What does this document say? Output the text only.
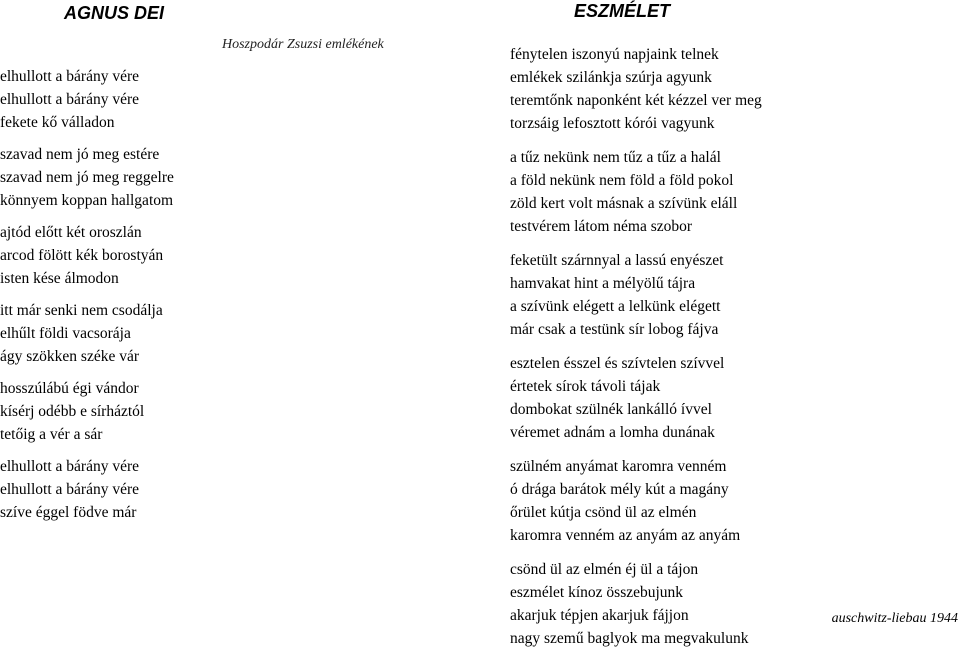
AGNUS DEI
Hoszpodár Zsuzsi emlékének

elhullott a bárány vére
elhullott a bárány vére
fekete kő válladon

szavad nem jó meg estére
szavad nem jó meg reggelre
könnyem koppan hallgatom

ajtód előtt két oroszlán
arcod fölött kék borostyán
isten kése álmodon

itt már senki nem csodálja
elhűlt földi vacsorája
ágy szökken széke vár

hosszúlábú égi vándor
kísérj odébb e sírháztól
tetőig a vér a sár

elhullott a bárány vére
elhullott a bárány vére
szíve éggel födve már

ESZMÉLET

fénytelen iszonyú napjaink telnek
emlékek szilánkja szúrja agyunk
teremtőnk naponként két kézzel ver meg
torzsáig lefosztott kórói vagyunk

a tűz nekünk nem tűz a tűz a halál
a föld nekünk nem föld a föld pokol
zöld kert volt másnak a szívünk eláll
testvérem látom néma szobor

feketült szárnnyal a lassú enyészet
hamvakat hint a mélyölű tájra
a szívünk elégett a lelkünk elégett
már csak a testünk sír lobog fájva

esztelen ésszel és szívtelen szívvel
értetek sírok távoli tájak
dombokat szülnék lankálló ívvel
véremet adnám a lomha dunának

szülném anyámat karomra venném
ó drága barátok mély kút a magány
őrület kútja csönd ül az elmén
karomra venném az anyám az anyám

csönd ül az elmén éj ül a tájon
eszmélet kínoz összebujunk
akarjuk tépjen akarjuk fájjon
nagy szemű baglyok ma megvakulunk

auschwitz-liebau 1944
